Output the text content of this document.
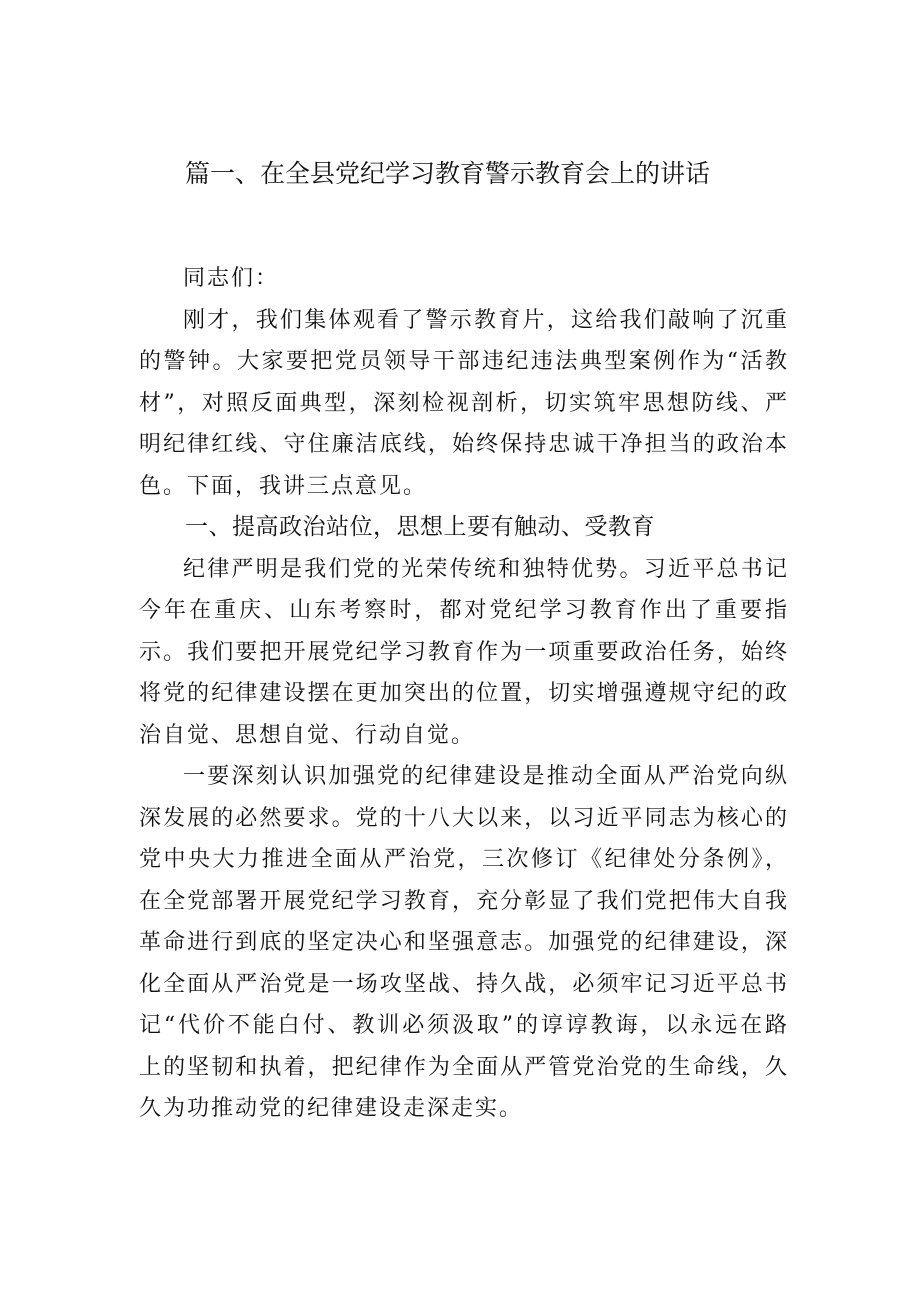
篇一、在全县党纪学习教育警示教育会上的讲话

同志们：

刚才，我们集体观看了警示教育片，这给我们敲响了沉重的警钟。大家要把党员领导干部违纪违法典型案例作为“活教材”，对照反面典型，深刻检视剖析，切实筑牢思想防线、严明纪律红线、守住廉洁底线，始终保持忠诚干净担当的政治本色。下面，我讲三点意见。

一、提高政治站位，思想上要有触动、受教育

纪律严明是我们党的光荣传统和独特优势。习近平总书记今年在重庆、山东考察时，都对党纪学习教育作出了重要指示。我们要把开展党纪学习教育作为一项重要政治任务，始终将党的纪律建设摆在更加突出的位置，切实增强遵规守纪的政治自觉、思想自觉、行动自觉。

一要深刻认识加强党的纪律建设是推动全面从严治党向纵深发展的必然要求。党的十八大以来，以习近平同志为核心的党中央大力推进全面从严治党，三次修订《纪律处分条例》，在全党部署开展党纪学习教育，充分彰显了我们党把伟大自我革命进行到底的坚定决心和坚强意志。加强党的纪律建设，深化全面从严治党是一场攻坚战、持久战，必须牢记习近平总书记“代价不能白付、教训必须汲取”的谆谆教诲，以永远在路上的坚韧和执着，把纪律作为全面从严管党治党的生命线，久久为功推动党的纪律建设走深走实。
